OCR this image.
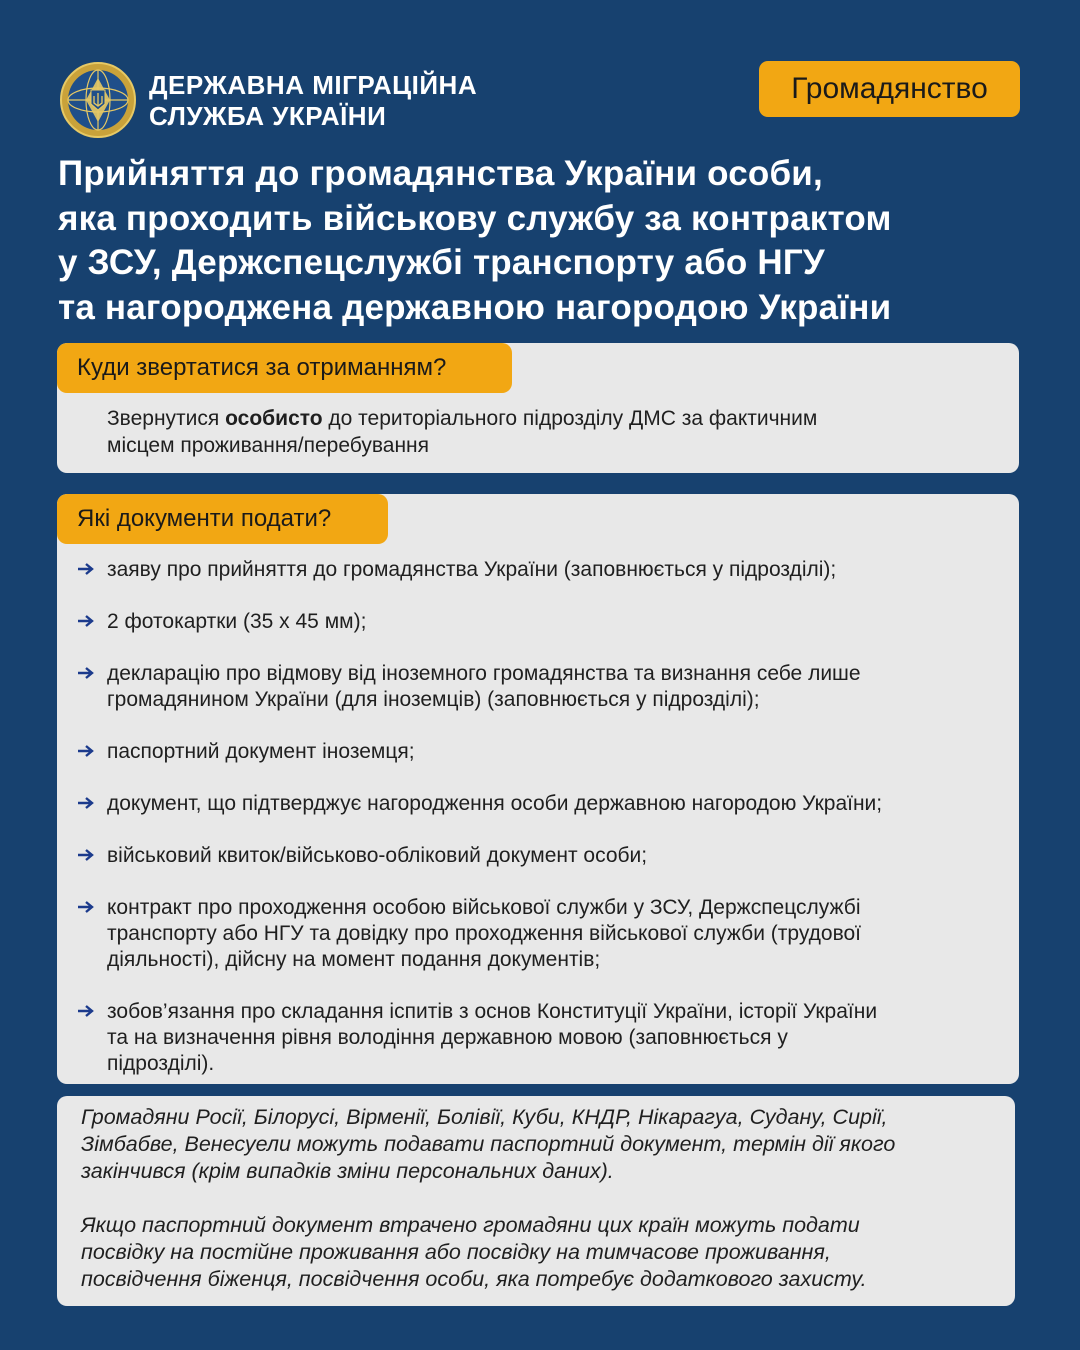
ДЕРЖАВНА МІГРАЦІЙНА
СЛУЖБА УКРАЇНИ
Громадянство
Прийняття до громадянства України особи,
яка проходить військову службу за контрактом
у ЗСУ, Держспецслужбі транспорту або НГУ
та нагороджена державною нагородою України
Куди звертатися за отриманням?
Звернутися особисто до територіального підрозділу ДМС за фактичним
місцем проживання/перебування
Які документи подати?
заяву про прийняття до громадянства України (заповнюється у підрозділі);
2 фотокартки (35 х 45 мм);
декларацію про відмову від іноземного громадянства та визнання себе лише
громадянином України (для іноземців) (заповнюється у підрозділі);
паспортний документ іноземця;
документ, що підтверджує нагородження особи державною нагородою України;
військовий квиток/військово-обліковий документ особи;
контракт про проходження особою військової служби у ЗСУ, Держспецслужбі
транспорту або НГУ та довідку про проходження військової служби (трудової
діяльності), дійсну на момент подання документів;
зобов’язання про складання іспитів з основ Конституції України, історії України
та на визначення рівня володіння державною мовою (заповнюється у
підрозділі).
Громадяни Росії, Білорусі, Вірменії, Болівії, Куби, КНДР, Нікарагуа, Судану, Сирії,
Зімбабве, Венесуели можуть подавати паспортний документ, термін дії якого
закінчився (крім випадків зміни персональних даних).
Якщо паспортний документ втрачено громадяни цих країн можуть подати
посвідку на постійне проживання або посвідку на тимчасове проживання,
посвідчення біженця, посвідчення особи, яка потребує додаткового захисту.
